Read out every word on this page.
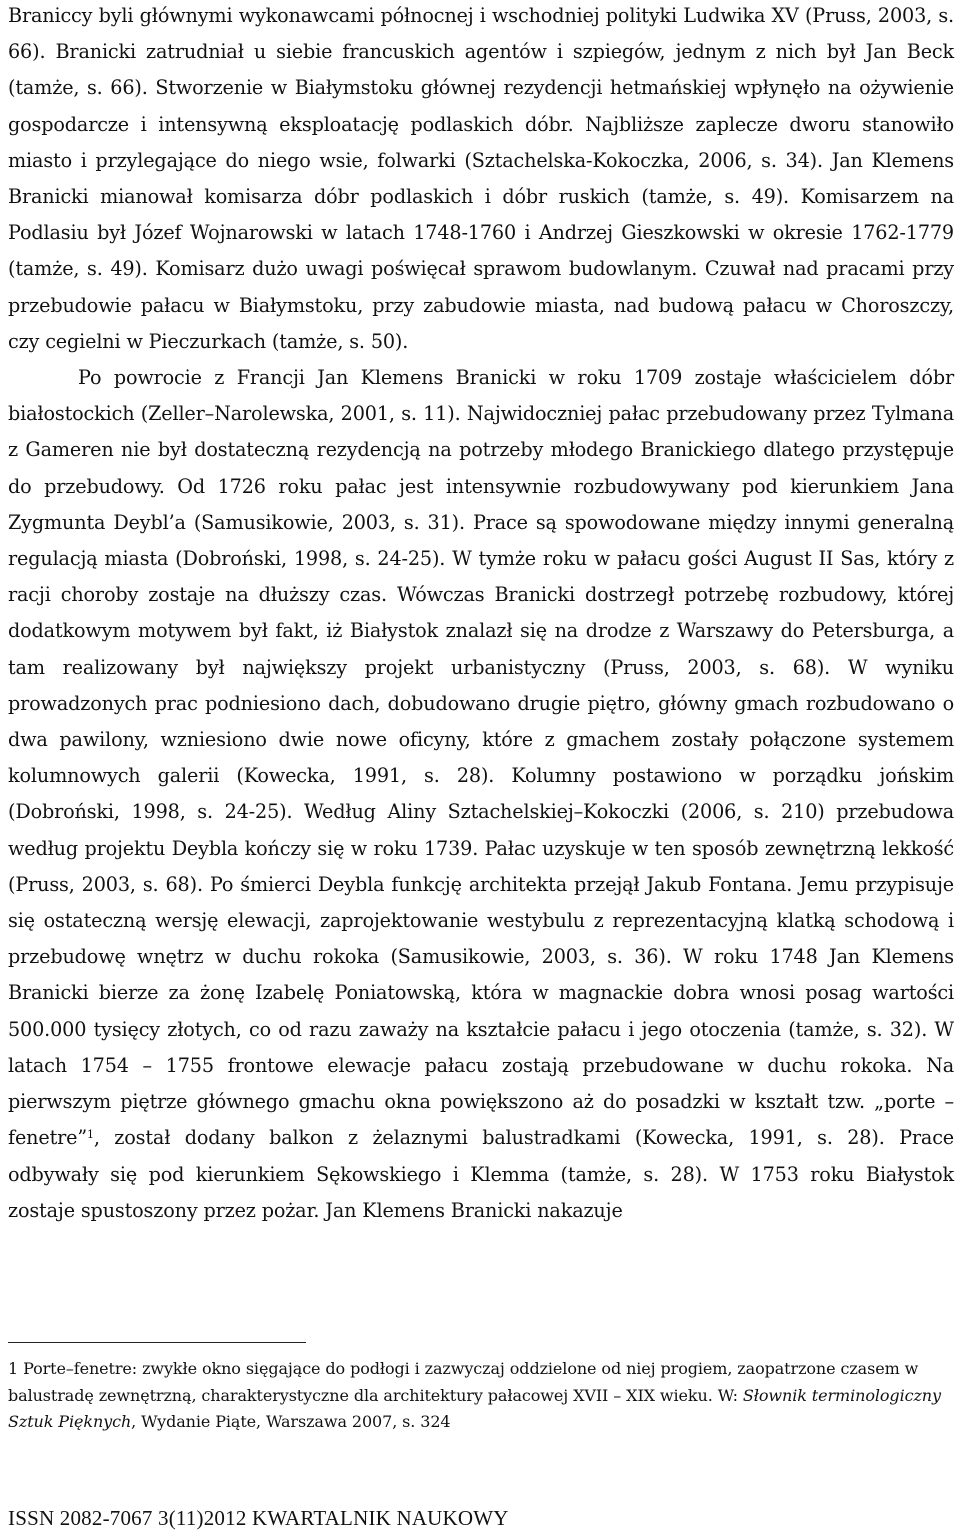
Braniccy byli głównymi wykonawcami północnej i wschodniej polityki Ludwika XV (Pruss, 2003, s. 66). Branicki zatrudniał u siebie francuskich agentów i szpiegów, jednym z nich był Jan Beck (tamże, s. 66). Stworzenie w Białymstoku głównej rezydencji hetmańskiej wpłynęło na ożywienie gospodarcze i intensywną eksploatację podlaskich dóbr. Najbliższe zaplecze dworu stanowiło miasto i przylegające do niego wsie, folwarki (Sztachelska-Kokoczka, 2006, s. 34). Jan Klemens Branicki mianował komisarza dóbr podlaskich i dóbr ruskich (tamże, s. 49). Komisarzem na Podlasiu był Józef Wojnarowski w latach 1748-1760 i Andrzej Gieszkowski w okresie 1762-1779 (tamże, s. 49). Komisarz dużo uwagi poświęcał sprawom budowlanym. Czuwał nad pracami przy przebudowie pałacu w Białymstoku, przy zabudowie miasta, nad budową pałacu w Choroszczy, czy cegielni w Pieczurkach (tamże, s. 50).

Po powrocie z Francji Jan Klemens Branicki w roku 1709 zostaje właścicielem dóbr białostockich (Zeller–Narolewska, 2001, s. 11). Najwidoczniej pałac przebudowany przez Tylmana z Gameren nie był dostateczną rezydencją na potrzeby młodego Branickiego dlatego przystępuje do przebudowy. Od 1726 roku pałac jest intensywnie rozbudowywany pod kierunkiem Jana Zygmunta Deybl’a (Samusikowie, 2003, s. 31). Prace są spowodowane między innymi generalną regulacją miasta (Dobroński, 1998, s. 24-25). W tymże roku w pałacu gości August II Sas, który z racji choroby zostaje na dłuższy czas. Wówczas Branicki dostrzegł potrzebę rozbudowy, której dodatkowym motywem był fakt, iż Białystok znalazł się na drodze z Warszawy do Petersburga, a tam realizowany był największy projekt urbanistyczny (Pruss, 2003, s. 68). W wyniku prowadzonych prac podniesiono dach, dobudowano drugie piętro, główny gmach rozbudowano o dwa pawilony, wzniesiono dwie nowe oficyny, które z gmachem zostały połączone systemem kolumnowych galerii (Kowecka, 1991, s. 28). Kolumny postawiono w porządku jońskim (Dobroński, 1998, s. 24-25). Według Aliny Sztachelskiej–Kokoczki (2006, s. 210) przebudowa według projektu Deybla kończy się w roku 1739. Pałac uzyskuje w ten sposób zewnętrzną lekkość (Pruss, 2003, s. 68). Po śmierci Deybla funkcję architekta przejął Jakub Fontana. Jemu przypisuje się ostateczną wersję elewacji, zaprojektowanie westybulu z reprezentacyjną klatką schodową i przebudowę wnętrz w duchu rokoka (Samusikowie, 2003, s. 36). W roku 1748 Jan Klemens Branicki bierze za żonę Izabelę Poniatowską, która w magnackie dobra wnosi posag wartości 500.000 tysięcy złotych, co od razu zaważy na kształcie pałacu i jego otoczenia (tamże, s. 32). W latach 1754 – 1755 frontowe elewacje pałacu zostają przebudowane w duchu rokoka. Na pierwszym piętrze głównego gmachu okna powiększono aż do posadzki w kształt tzw. „porte – fenetre”$^1$, został dodany balkon z żelaznymi balustradkami (Kowecka, 1991, s. 28). Prace odbywały się pod kierunkiem Sękowskiego i Klemma (tamże, s. 28). W 1753 roku Białystok zostaje spustoszony przez pożar. Jan Klemens Branicki nakazuje

1 Porte–fenetre: zwykłe okno sięgające do podłogi i zazwyczaj oddzielone od niej progiem, zaopatrzone czasem w balustradę zewnętrzną, charakterystyczne dla architektury pałacowej XVII – XIX wieku. W: Słownik terminologiczny Sztuk Pięknych, Wydanie Piąte, Warszawa 2007, s. 324

ISSN 2082-7067 3(11)2012 KWARTALNIK NAUKOWY
